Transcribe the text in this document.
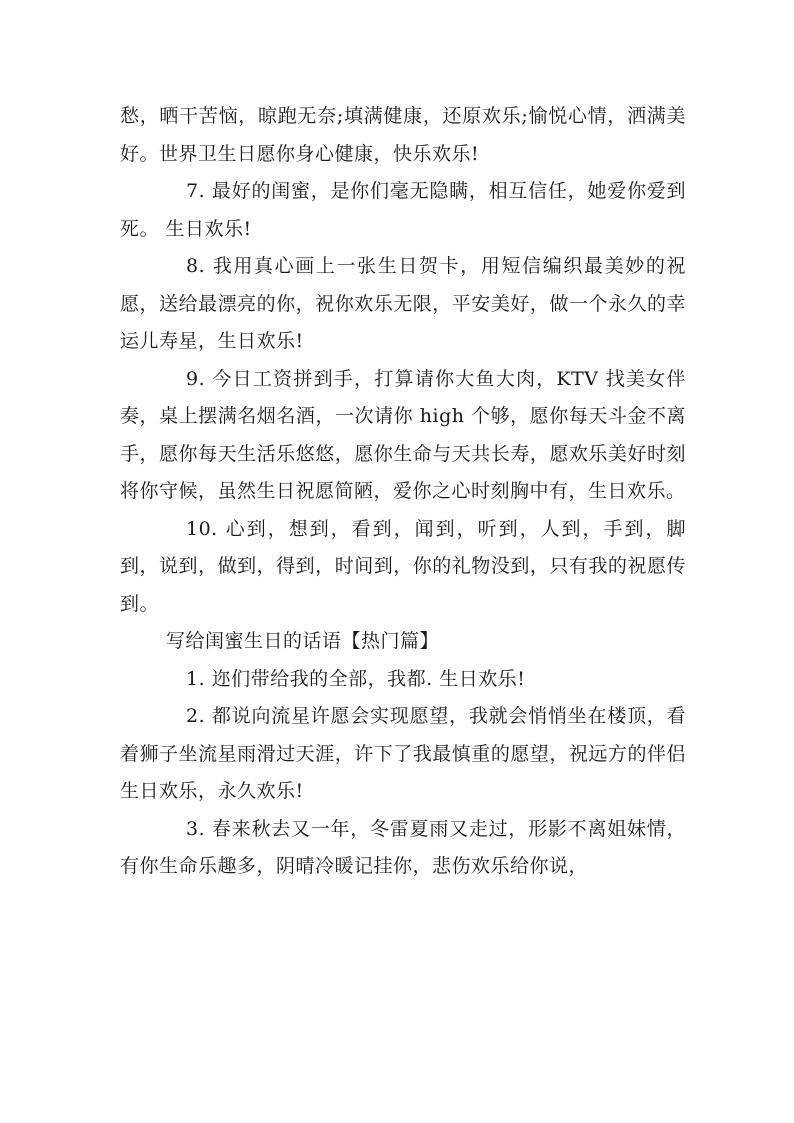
愁，晒干苦恼，晾跑无奈;填满健康，还原欢乐;愉悦心情，洒满美好。世界卫生日愿你身心健康，快乐欢乐!

7. 最好的闺蜜，是你们毫无隐瞒，相互信任，她爱你爱到死。 生日欢乐!

8. 我用真心画上一张生日贺卡，用短信编织最美妙的祝愿，送给最漂亮的你，祝你欢乐无限，平安美好，做一个永久的幸运儿寿星，生日欢乐!

9. 今日工资拼到手，打算请你大鱼大肉，KTV 找美女伴奏，桌上摆满名烟名酒，一次请你 high 个够，愿你每天斗金不离手，愿你每天生活乐悠悠，愿你生命与天共长寿，愿欢乐美好时刻将你守候，虽然生日祝愿简陋，爱你之心时刻胸中有，生日欢乐。

10. 心到，想到，看到，闻到，听到，人到，手到，脚到，说到，做到，得到，时间到，你的礼物没到，只有我的祝愿传到。

写给闺蜜生日的话语【热门篇】

1. 迩们带给我的全部，我都. 生日欢乐!

2. 都说向流星许愿会实现愿望，我就会悄悄坐在楼顶，看着狮子坐流星雨滑过天涯，许下了我最慎重的愿望，祝远方的伴侣生日欢乐，永久欢乐!

3. 春来秋去又一年，冬雷夏雨又走过，形影不离姐妹情，有你生命乐趣多，阴晴冷暖记挂你，悲伤欢乐给你说，
